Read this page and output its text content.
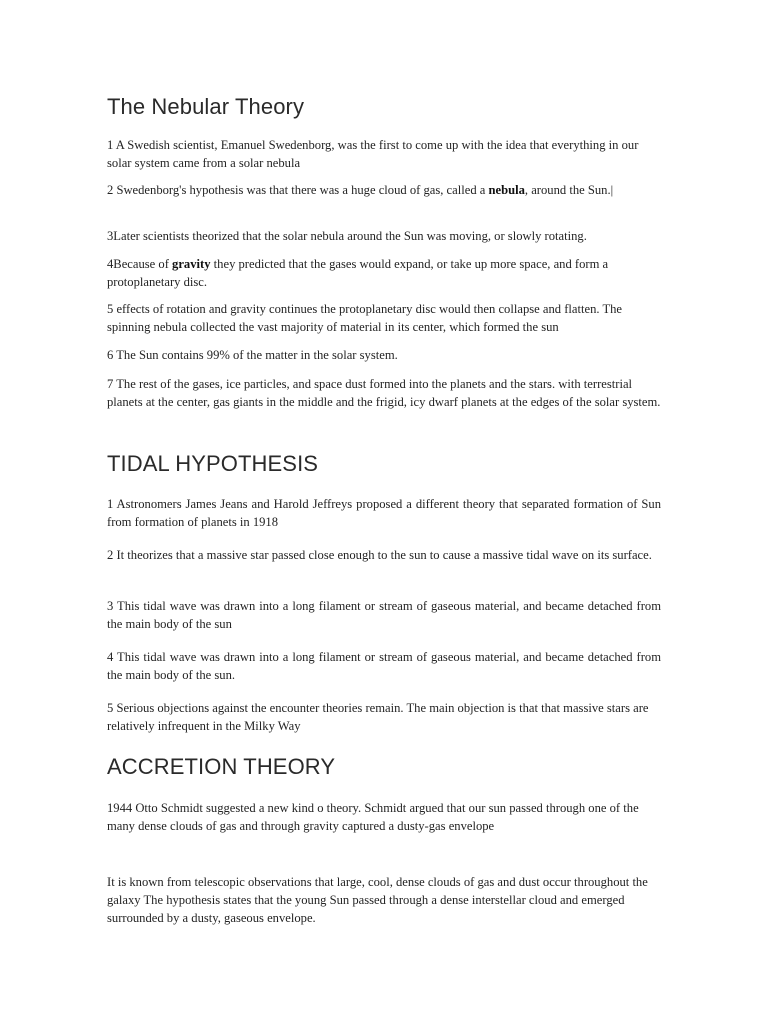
The Nebular Theory

1 A Swedish scientist, Emanuel Swedenborg, was the first to come up with the idea that everything in our solar system came from a solar nebula

2 Swedenborg's hypothesis was that there was a huge cloud of gas, called a nebula, around the Sun.|

3Later scientists theorized that the solar nebula around the Sun was moving, or slowly rotating.

4Because of gravity they predicted that the gases would expand, or take up more space, and form a protoplanetary disc.

5 effects of rotation and gravity continues the protoplanetary disc would then collapse and flatten. The spinning nebula collected the vast majority of material in its center, which formed the sun

6 The Sun contains 99% of the matter in the solar system.

7 The rest of the gases, ice particles, and space dust formed into the planets and the stars. with terrestrial planets at the center, gas giants in the middle and the frigid, icy dwarf planets at the edges of the solar system.

TIDAL HYPOTHESIS

1 Astronomers James Jeans and Harold Jeffreys proposed a different theory that separated formation of Sun from formation of planets in 1918

2 It theorizes that a massive star passed close enough to the sun to cause a massive tidal wave on its surface.

3 This tidal wave was drawn into a long filament or stream of gaseous material, and became detached from the main body of the sun

4 This tidal wave was drawn into a long filament or stream of gaseous material, and became detached from the main body of the sun.

5 Serious objections against the encounter theories remain. The main objection is that that massive stars are relatively infrequent in the Milky Way

ACCRETION THEORY

1944 Otto Schmidt suggested a new kind o theory. Schmidt argued that our sun passed through one of the many dense clouds of gas and through gravity captured a dusty-gas envelope

It is known from telescopic observations that large, cool, dense clouds of gas and dust occur throughout the galaxy The hypothesis states that the young Sun passed through a dense interstellar cloud and emerged surrounded by a dusty, gaseous envelope.
